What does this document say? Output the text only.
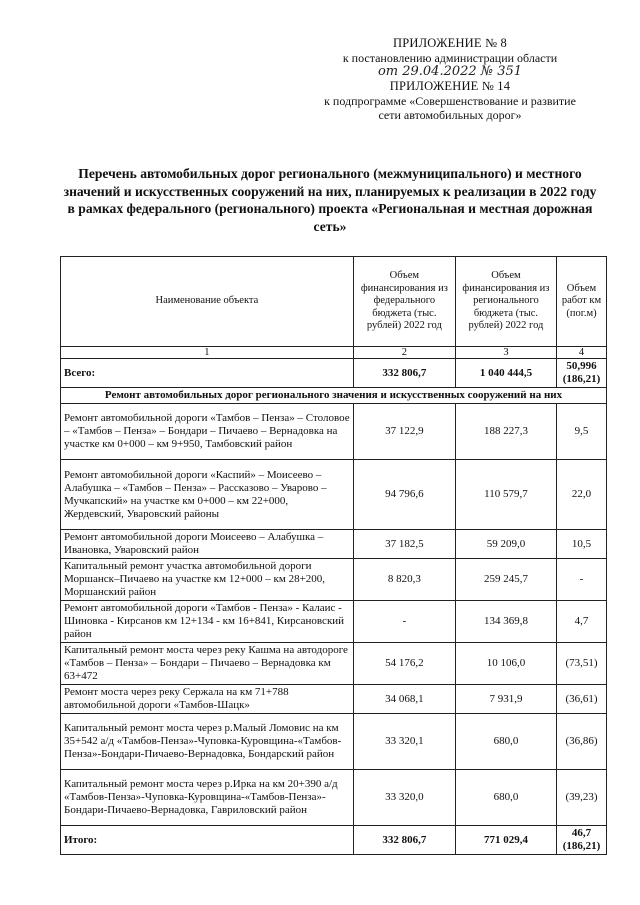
ПРИЛОЖЕНИЕ № 8
к постановлению администрации области
от 29.04.2022 № 351
ПРИЛОЖЕНИЕ № 14
к подпрограмме «Совершенствование и развитие
сети автомобильных дорог»
Перечень автомобильных дорог регионального (межмуниципального) и местного значений и искусственных сооружений на них, планируемых к реализации в 2022 году в рамках федерального (регионального) проекта «Региональная и местная дорожная сеть»
Наименование объекта	Объем финансирования из федерального бюджета (тыс. рублей) 2022 год	Объем финансирования из регионального бюджета (тыс. рублей) 2022 год	Объем работ км (пог.м)
1	2	3	4
Всего:	332 806,7	1 040 444,5	50,996 (186,21)
Ремонт автомобильных дорог регионального значения и искусственных сооружений на них			
Ремонт автомобильной дороги «Тамбов – Пенза» – Столовое – «Тамбов – Пенза» – Бондари – Пичаево – Вернадовка на участке км 0+000 – км 9+950, Тамбовский район	37 122,9	188 227,3	9,5
Ремонт автомобильной дороги «Каспий» – Моисеево – Алабушка – «Тамбов – Пенза» – Рассказово – Уварово –Мучкапский» на участке км 0+000 – км 22+000, Жердевский, Уваровский районы	94 796,6	110 579,7	22,0
Ремонт автомобильной дороги Моисеево – Алабушка – Ивановка, Уваровский район	37 182,5	59 209,0	10,5
Капитальный ремонт участка автомобильной дороги Моршанск–Пичаево на участке км 12+000 – км 28+200, Моршанский район	8 820,3	259 245,7	-
Ремонт автомобильной дороги «Тамбов - Пенза» - Калаис - Шиновка - Кирсанов км 12+134 - км 16+841, Кирсановский район	-	134 369,8	4,7
Капитальный ремонт моста через реку Кашма на автодороге «Тамбов – Пенза» – Бондари – Пичаево – Вернадовка км 63+472	54 176,2	10 106,0	(73,51)
Ремонт моста через реку Сержала на км 71+788 автомобильной дороги «Тамбов-Шацк»	34 068,1	7 931,9	(36,61)
Капитальный ремонт моста через р.Малый Ломовис на км 35+542 а/д «Тамбов-Пенза»-Чуповка-Куровщина-«Тамбов-Пенза»-Бондари-Пичаево-Вернадовка, Бондарский район	33 320,1	680,0	(36,86)
Капитальный ремонт моста через р.Ирка на км 20+390 а/д «Тамбов-Пенза»-Чуповка-Куровщина-«Тамбов-Пенза»-Бондари-Пичаево-Вернадовка, Гавриловский район	33 320,0	680,0	(39,23)
Итого:	332 806,7	771 029,4	46,7 (186,21)
